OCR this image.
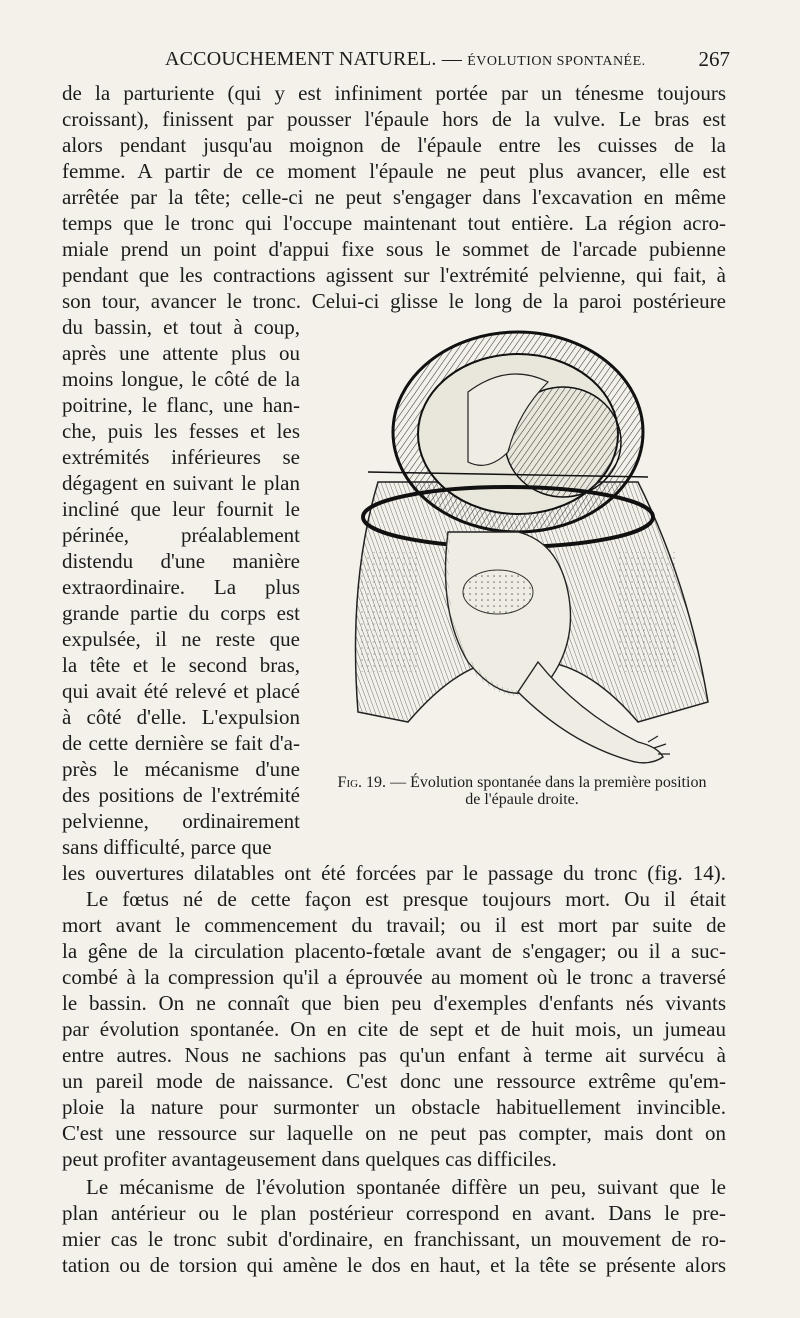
ACCOUCHEMENT NATUREL. — ÉVOLUTION SPONTANÉE.	267
de la parturiente (qui y est infiniment portée par un ténesme toujours
croissant), finissent par pousser l'épaule hors de la vulve. Le bras est
alors pendant jusqu'au moignon de l'épaule entre les cuisses de la
femme. A partir de ce moment l'épaule ne peut plus avancer, elle est
arrêtée par la tête; celle-ci ne peut s'engager dans l'excavation en même
temps que le tronc qui l'occupe maintenant tout entière. La région acro-
miale prend un point d'appui fixe sous le sommet de l'arcade pubienne
pendant que les contractions agissent sur l'extrémité pelvienne, qui fait, à
son tour, avancer le tronc. Celui-ci glisse le long de la paroi postérieure
du bassin, et tout à coup,
après une attente plus ou
moins longue, le côté de la
poitrine, le flanc, une han-
che, puis les fesses et les
extrémités inférieures se
dégagent en suivant le plan
incliné que leur fournit le
périnée, préalablement
distendu d'une manière
extraordinaire. La plus
grande partie du corps est
expulsée, il ne reste que
la tête et le second bras,
qui avait été relevé et placé
à côté d'elle. L'expulsion
de cette dernière se fait d'a-
près le mécanisme d'une
des positions de l'extrémité
pelvienne, ordinairement
sans difficulté, parce que
les ouvertures dilatables ont été forcées par le passage du tronc (fig. 14).
Le fœtus né de cette façon est presque toujours mort. Ou il était
mort avant le commencement du travail; ou il est mort par suite de
la gêne de la circulation placento-fœtale avant de s'engager; ou il a suc-
combé à la compression qu'il a éprouvée au moment où le tronc a traversé
le bassin. On ne connaît que bien peu d'exemples d'enfants nés vivants
par évolution spontanée. On en cite de sept et de huit mois, un jumeau
entre autres. Nous ne sachions pas qu'un enfant à terme ait survécu à
un pareil mode de naissance. C'est donc une ressource extrême qu'em-
ploie la nature pour surmonter un obstacle habituellement invincible.
C'est une ressource sur laquelle on ne peut pas compter, mais dont on
peut profiter avantageusement dans quelques cas difficiles.
Le mécanisme de l'évolution spontanée diffère un peu, suivant que le
plan antérieur ou le plan postérieur correspond en avant. Dans le pre-
mier cas le tronc subit d'ordinaire, en franchissant, un mouvement de ro-
tation ou de torsion qui amène le dos en haut, et la tête se présente alors
Fig. 19. — Évolution spontanée dans la première position
de l'épaule droite.
